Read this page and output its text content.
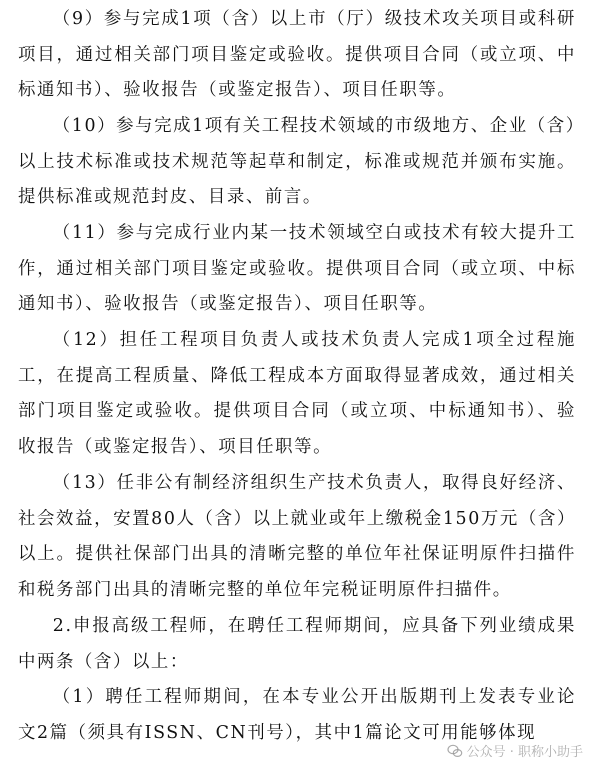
（9）参与完成1项（含）以上市（厅）级技术攻关项目或科研项目，通过相关部门项目鉴定或验收。提供项目合同（或立项、中标通知书）、验收报告（或鉴定报告）、项目任职等。

（10）参与完成1项有关工程技术领域的市级地方、企业（含）以上技术标准或技术规范等起草和制定，标准或规范并颁布实施。提供标准或规范封皮、目录、前言。

（11）参与完成行业内某一技术领域空白或技术有较大提升工作，通过相关部门项目鉴定或验收。提供项目合同（或立项、中标通知书）、验收报告（或鉴定报告）、项目任职等。

（12）担任工程项目负责人或技术负责人完成1项全过程施工，在提高工程质量、降低工程成本方面取得显著成效，通过相关部门项目鉴定或验收。提供项目合同（或立项、中标通知书）、验收报告（或鉴定报告）、项目任职等。

（13）任非公有制经济组织生产技术负责人，取得良好经济、社会效益，安置80人（含）以上就业或年上缴税金150万元（含）以上。提供社保部门出具的清晰完整的单位年社保证明原件扫描件和税务部门出具的清晰完整的单位年完税证明原件扫描件。

2.申报高级工程师，在聘任工程师期间，应具备下列业绩成果中两条（含）以上：

（1）聘任工程师期间，在本专业公开出版期刊上发表专业论文2篇（须具有ISSN、CN刊号），其中1篇论文可用能够体现

公众号 · 职称小助手
